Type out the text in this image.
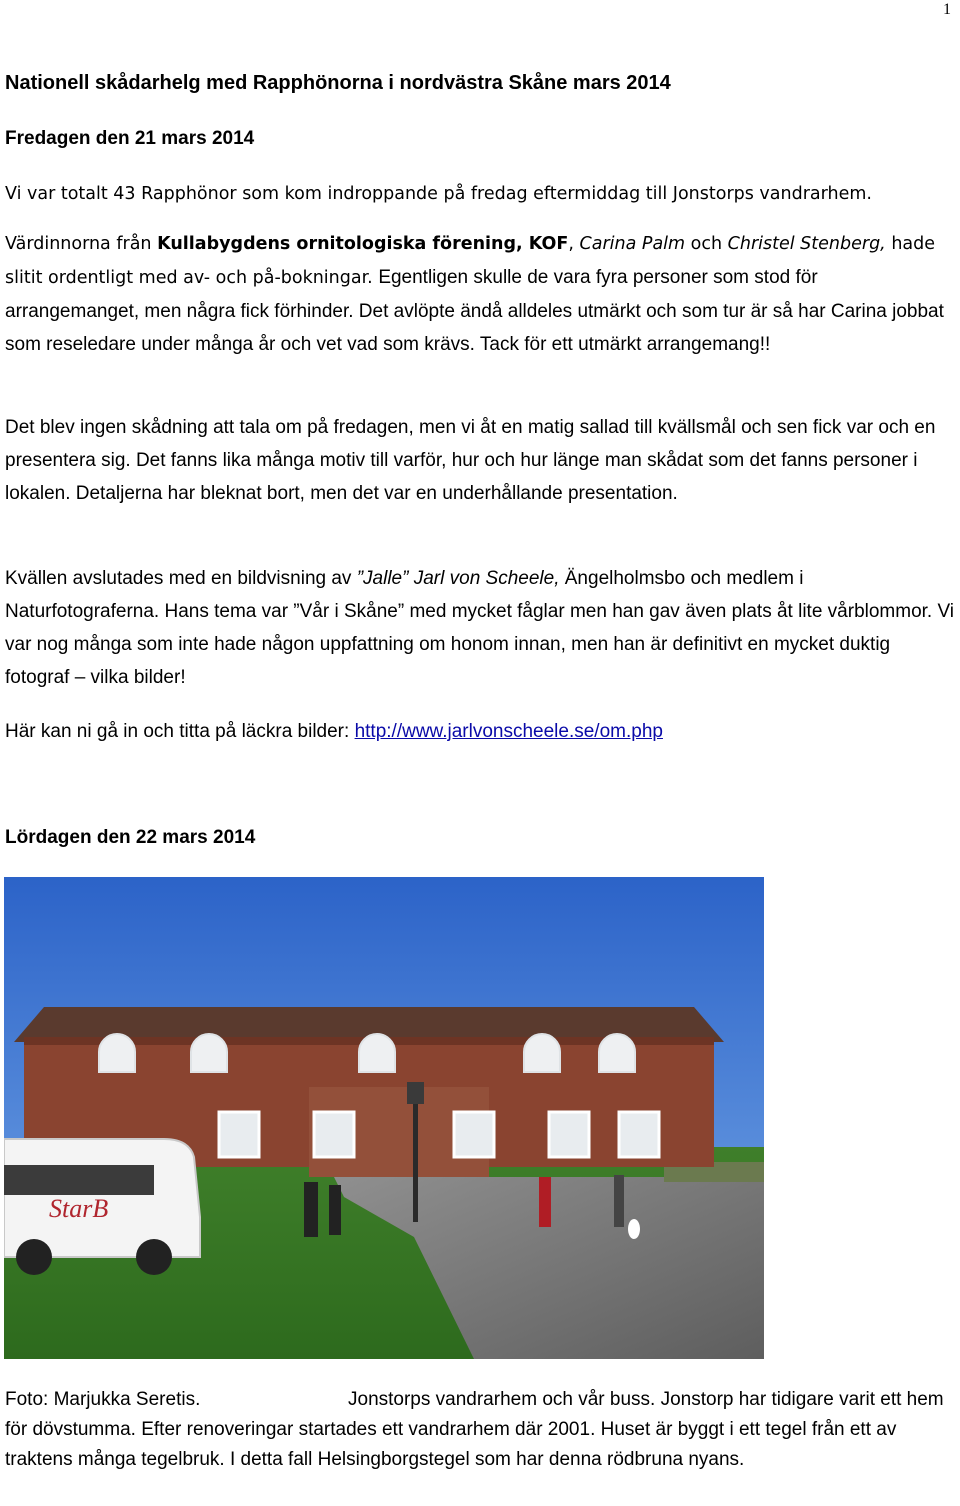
1
Nationell skådarhelg med Rapphönorna i nordvästra Skåne mars 2014
Fredagen den 21 mars 2014
Vi var totalt 43 Rapphönor som kom indroppande på fredag eftermiddag till Jonstorps vandrarhem.
Värdinnorna från Kullabygdens ornitologiska förening, KOF, Carina Palm och Christel Stenberg, hade slitit ordentligt med av- och på-bokningar. Egentligen skulle de vara fyra personer som stod för arrangemanget, men några fick förhinder. Det avlöpte ändå alldeles utmärkt och som tur är så har Carina jobbat som reseledare under många år och vet vad som krävs. Tack för ett utmärkt arrangemang!!
Det blev ingen skådning att tala om på fredagen, men vi åt en matig sallad till kvällsmål och sen fick var och en presentera sig. Det fanns lika många motiv till varför, hur och hur länge man skådat som det fanns personer i lokalen. Detaljerna har bleknat bort, men det var en underhållande presentation.
Kvällen avslutades med en bildvisning av ”Jalle” Jarl von Scheele, Ängelholmsbo och medlem i Naturfotograferna. Hans tema var ”Vår i Skåne” med mycket fåglar men han gav även plats åt lite vårblommor. Vi var nog många som inte hade någon uppfattning om honom innan, men han är definitivt en mycket duktig fotograf – vilka bilder!
Här kan ni gå in och titta på läckra bilder: http://www.jarlvonscheele.se/om.php
Lördagen den 22 mars 2014
StarB
Foto: Marjukka Seretis.	Jonstorps vandrarhem och vår buss. Jonstorp har tidigare varit ett hem för dövstumma. Efter renoveringar startades ett vandrarhem där 2001. Huset är byggt i ett tegel från ett av traktens många tegelbruk. I detta fall Helsingborgstegel som har denna rödbruna nyans.
